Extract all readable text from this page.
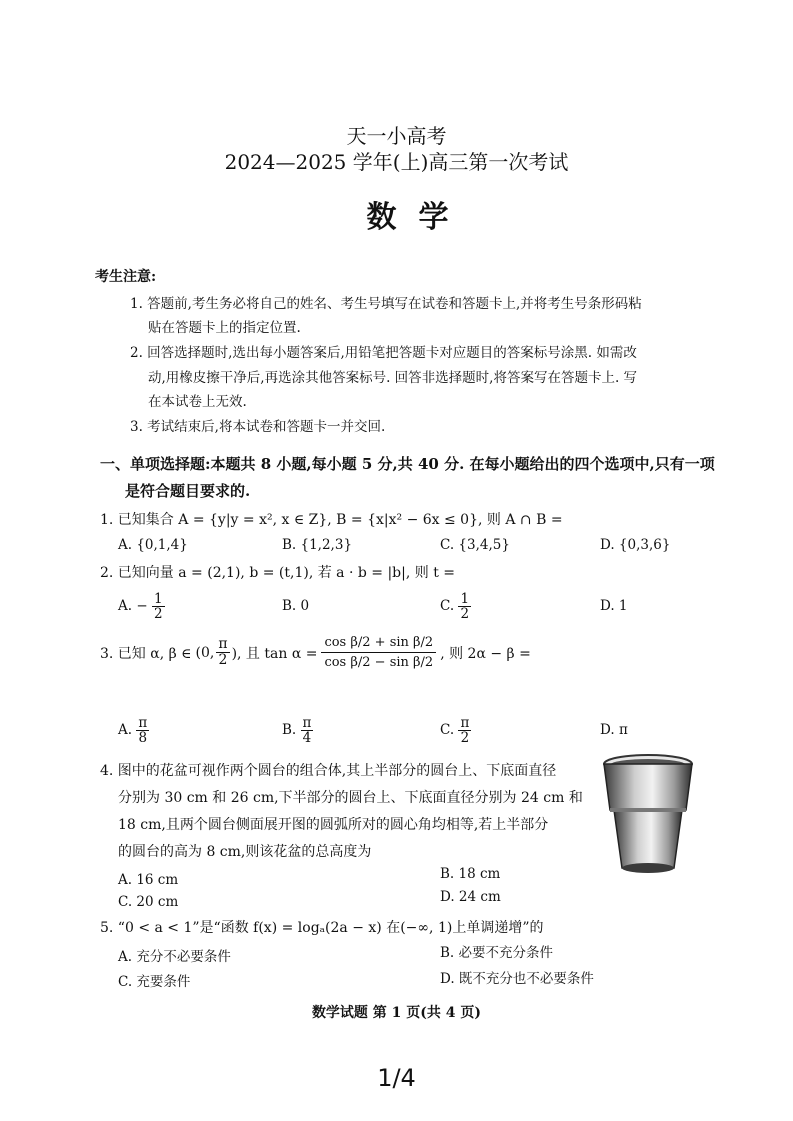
天一小高考
2024—2025 学年(上)高三第一次考试
数学
考生注意:
1. 答题前,考生务必将自己的姓名、考生号填写在试卷和答题卡上,并将考生号条形码粘
贴在答题卡上的指定位置.
2. 回答选择题时,选出每小题答案后,用铅笔把答题卡对应题目的答案标号涂黑. 如需改
动,用橡皮擦干净后,再选涂其他答案标号. 回答非选择题时,将答案写在答题卡上. 写
在本试卷上无效.
3. 考试结束后,将本试卷和答题卡一并交回.
一、单项选择题:本题共 8 小题,每小题 5 分,共 40 分. 在每小题给出的四个选项中,只有一项
是符合题目要求的.
1. 已知集合 A = {y|y = x², x ∈ Z}, B = {x|x² − 6x ≤ 0}, 则 A ∩ B =
A. {0,1,4}	B. {1,2,3}	C. {3,4,5}	D. {0,3,6}
2. 已知向量 a = (2,1), b = (t,1), 若 a · b = |b|, 则 t =
A. − $\frac{1}{2}$	B. 0	C. $\frac{1}{2}$	D. 1
3. 已知 α, β ∈ (0, $\frac{\pi}{2}$ ), 且 $\tan \alpha = \frac{\text{cos β/2 + sin β/2}}{\text{cos β/2 − sin β/2}}$ , 则 2α − β =
A. $\frac{\pi}{8}$	B. $\frac{\pi}{4}$	C. $\frac{\pi}{2}$	D. π
4. 图中的花盆可视作两个圆台的组合体,其上半部分的圆台上、下底面直径
分别为 30 cm 和 26 cm,下半部分的圆台上、下底面直径分别为 24 cm 和
18 cm,且两个圆台侧面展开图的圆弧所对的圆心角均相等,若上半部分
的圆台的高为 8 cm,则该花盆的总高度为
A. 16 cm	B. 18 cm
C. 20 cm	D. 24 cm
5. “0 < a < 1”是“函数 f(x) = logₐ(2a − x) 在(−∞, 1)上单调递增”的
A. 充分不必要条件	B. 必要不充分条件
C. 充要条件	D. 既不充分也不必要条件
数学试题 第 1 页(共 4 页)
1/4
